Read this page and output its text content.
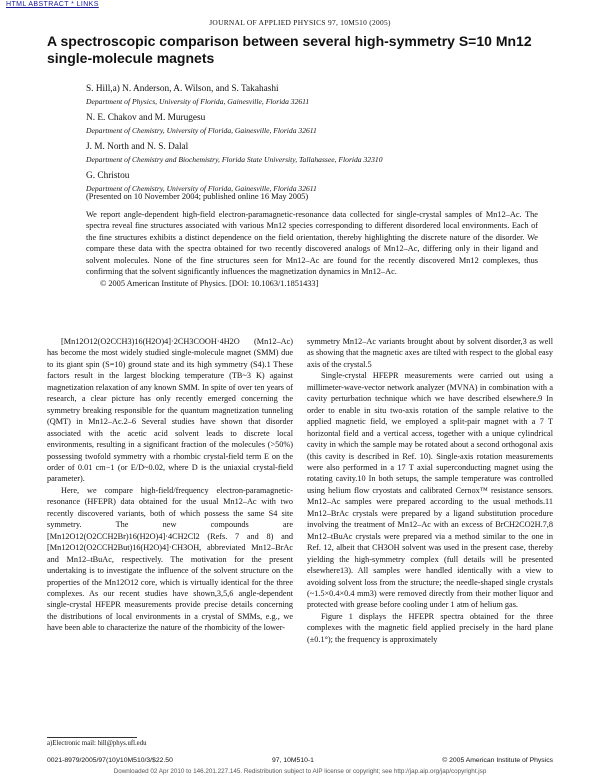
HTML ABSTRACT * LINKS
JOURNAL OF APPLIED PHYSICS 97, 10M510 (2005)
A spectroscopic comparison between several high-symmetry S=10 Mn12 single-molecule magnets
S. Hill,a) N. Anderson, A. Wilson, and S. Takahashi
Department of Physics, University of Florida, Gainesville, Florida 32611
N. E. Chakov and M. Murugesu
Department of Chemistry, University of Florida, Gainesville, Florida 32611
J. M. North and N. S. Dalal
Department of Chemistry and Biochemistry, Florida State University, Tallahassee, Florida 32310
G. Christou
Department of Chemistry, University of Florida, Gainesville, Florida 32611
(Presented on 10 November 2004; published online 16 May 2005)
We report angle-dependent high-field electron-paramagnetic-resonance data collected for single-crystal samples of Mn12–Ac. The spectra reveal fine structures associated with various Mn12 species corresponding to different disordered local environments. Each of the fine structures exhibits a distinct dependence on the field orientation, thereby highlighting the discrete nature of the disorder. We compare these data with the spectra obtained for two recently discovered analogs of Mn12–Ac, differing only in their ligand and solvent molecules. None of the fine structures seen for Mn12–Ac are found for the recently discovered Mn12 complexes, thus confirming that the solvent significantly influences the magnetization dynamics in Mn12–Ac.
© 2005 American Institute of Physics. [DOI: 10.1063/1.1851433]

[Mn12O12(O2CCH3)16(H2O)4]·2CH3COOH·4H2O (Mn12–Ac) has become the most widely studied single-molecule magnet (SMM) due to its giant spin (S=10) ground state and its high symmetry (S4).1 These factors result in the largest blocking temperature (TB~3 K) against magnetization relaxation of any known SMM. In spite of over ten years of research, a clear picture has only recently emerged concerning the symmetry breaking responsible for the quantum magnetization tunneling (QMT) in Mn12–Ac.2–6 Several studies have shown that disorder associated with the acetic acid solvent leads to discrete local environments, resulting in a significant fraction of the molecules (>50%) possessing twofold symmetry with a rhombic crystal-field term E on the order of 0.01 cm−1 (or E/D~0.02, where D is the uniaxial crystal-field parameter).

Here, we compare high-field/frequency electron-paramagnetic-resonance (HFEPR) data obtained for the usual Mn12–Ac with two recently discovered variants, both of which possess the same S4 site symmetry. The new compounds are [Mn12O12(O2CCH2Br)16(H2O)4]·4CH2Cl2 (Refs. 7 and 8) and [Mn12O12(O2CCH2But)16(H2O)4]·CH3OH, abbreviated Mn12–BrAc and Mn12–tBuAc, respectively. The motivation for the present undertaking is to investigate the influence of the solvent structure on the properties of the Mn12O12 core, which is virtually identical for the three complexes. As our recent studies have shown,3,5,6 angle-dependent single-crystal HFEPR measurements provide precise details concerning the distributions of local environments in a crystal of SMMs, e.g., we have been able to characterize the nature of the rhombicity of the lower-

symmetry Mn12–Ac variants brought about by solvent disorder,3 as well as showing that the magnetic axes are tilted with respect to the global easy axis of the crystal.5

Single-crystal HFEPR measurements were carried out using a millimeter-wave-vector network analyzer (MVNA) in combination with a cavity perturbation technique which we have described elsewhere.9 In order to enable in situ two-axis rotation of the sample relative to the applied magnetic field, we employed a split-pair magnet with a 7 T horizontal field and a vertical access, together with a unique cylindrical cavity in which the sample may be rotated about a second orthogonal axis (this cavity is described in Ref. 10). Single-axis rotation measurements were also performed in a 17 T axial superconducting magnet using the rotating cavity.10 In both setups, the sample temperature was controlled using helium flow cryostats and calibrated Cernox™ resistance sensors. Mn12–Ac samples were prepared according to the usual methods.11 Mn12–BrAc crystals were prepared by a ligand substitution procedure involving the treatment of Mn12–Ac with an excess of BrCH2CO2H.7,8 Mn12–tBuAc crystals were prepared via a method similar to the one in Ref. 12, albeit that CH3OH solvent was used in the present case, thereby yielding the high-symmetry complex (full details will be presented elsewhere13). All samples were handled identically with a view to avoiding solvent loss from the structure; the needle-shaped single crystals (~1.5×0.4×0.4 mm3) were removed directly from their mother liquor and protected with grease before cooling under 1 atm of helium gas.

Figure 1 displays the HFEPR spectra obtained for the three complexes with the magnetic field applied precisely in the hard plane (±0.1°); the frequency is approximately

a)Electronic mail: hill@phys.ufl.edu
0021-8979/2005/97(10)/10M510/3/$22.50	97, 10M510-1	© 2005 American Institute of Physics
Downloaded 02 Apr 2010 to 146.201.227.145. Redistribution subject to AIP license or copyright; see http://jap.aip.org/jap/copyright.jsp
